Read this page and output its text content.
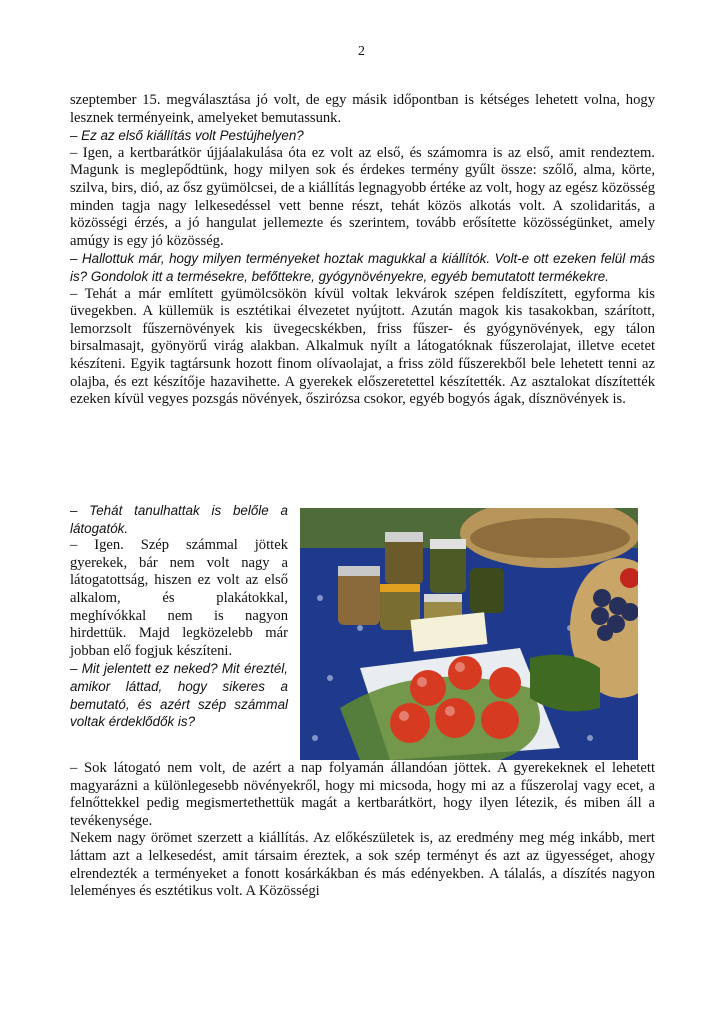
2

szeptember 15. megválasztása jó volt, de egy másik időpontban is kétséges lehetett volna, hogy lesznek terményeink, amelyeket bemutassunk.

– Ez az első kiállítás volt Pestújhelyen?

– Igen, a kertbarátkör újjáalakulása óta ez volt az első, és számomra is az első, amit rendeztem. Magunk is meglepődtünk, hogy milyen sok és érdekes termény gyűlt össze: szőlő, alma, körte, szilva, birs, dió, az ősz gyümölcsei, de a kiállítás legnagyobb értéke az volt, hogy az egész közösség minden tagja nagy lelkesedéssel vett benne részt, tehát közös alkotás volt. A szolidaritás, a közösségi érzés, a jó hangulat jellemezte és szerintem, tovább erősítette közösségünket, amely amúgy is egy jó közösség.

– Hallottuk már, hogy milyen terményeket hoztak magukkal a kiállítók. Volt-e ott ezeken felül más is? Gondolok itt a termésekre, befőttekre, gyógynövényekre, egyéb bemutatott termékekre.

– Tehát a már említett gyümölcsökön kívül voltak lekvárok szépen feldíszített, egyforma kis üvegekben. A küllemük is esztétikai élvezetet nyújtott. Azután magok kis tasakokban, szárított, lemorzsolt fűszernövények kis üvegecskékben, friss fűszer- és gyógynövények, egy tálon birsalmasajt, gyönyörű virág alakban. Alkalmuk nyílt a látogatóknak fűszerolajat, illetve ecetet készíteni. Egyik tagtársunk hozott finom olívaolajat, a friss zöld fűszerekből bele lehetett tenni az olajba, és ezt készítője hazavihette. A gyerekek előszeretettel készítették. Az asztalokat díszítették ezeken kívül vegyes pozsgás növények, őszirózsa csokor, egyéb bogyós ágak, dísznövények is.

– Tehát tanulhattak is belőle a látogatók.

– Igen. Szép számmal jöttek gyerekek, bár nem volt nagy a látogatottság, hiszen ez volt az első alkalom, és plakátokkal, meghívókkal nem is nagyon hirdettük. Majd legközelebb már jobban elő fogjuk készíteni.

– Mit jelentett ez neked? Mit éreztél, amikor láttad, hogy sikeres a bemutató, és azért szép számmal voltak érdeklődők is?

– Sok látogató nem volt, de azért a nap folyamán állandóan jöttek. A gyerekeknek el lehetett magyarázni a különlegesebb növényekről, hogy mi micsoda, hogy mi az a fűszerolaj vagy ecet, a felnőttekkel pedig megismertethettük magát a kertbarátkört, hogy ilyen létezik, és miben áll a tevékenysége.

Nekem nagy örömet szerzett a kiállítás. Az előkészületek is, az eredmény meg még inkább, mert láttam azt a lelkesedést, amit társaim éreztek, a sok szép terményt és azt az ügyességet, ahogy elrendezték a terményeket a fonott kosárkákban és más edényekben. A tálalás, a díszítés nagyon leleményes és esztétikus volt. A Közösségi
